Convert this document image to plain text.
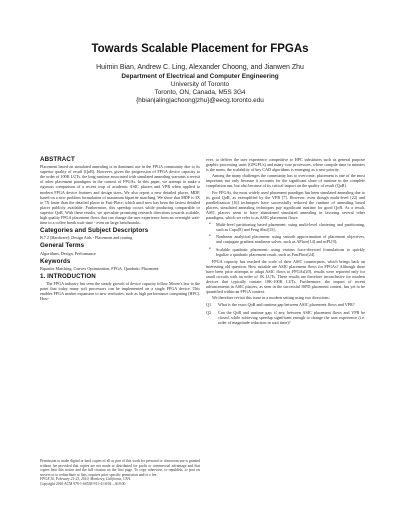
Towards Scalable Placement for FPGAs
Huimin Bian, Andrew C. Ling, Alexander Choong, and Jianwen Zhu
Department of Electrical and Computer Engineering
University of Toronto
Toronto, ON, Canada, M5S 3G4
{hbian|aling|achoong|zhu}@eecg.toronto.edu
ABSTRACT
Placement based on simulated annealing is in dominant use in the FPGA community due to its superior quality of result (QoR). However, given the progression of FPGA device capacity to the order of 100K LUTs, the long runtime associated with simulated annealing warrants a revisit of other placement paradigms in the context of FPGAs. In this paper, we attempt to make a rigorous comparison of a recent crop of academic ASIC placers and VPR when applied to modern FPGA device features and design sizes. We also report a new detailed placer, MDP, based on a new problem formulation of maximum bipartite matching. We show that MDP is 3X to 7X faster than the detailed placer in Fast-Place, which until now has been the fastest detailed placer publicly available. Furthermore, this speedup occurs while producing comparable or superior QoR. With these results, we speculate promising research directions towards scalable, high quality FPGA placement flows that can change the user experience from an overnight wait-time to a coffee break wait-time - even on large benchmarks.
Categories and Subject Descriptors
B.7.2 [Hardware]: Design Aids - Placement and routing
General Terms
Algorithms, Design, Performance
Keywords
Bipartite Matching, Convex Optimization, FPGA, Quadratic Placement
1. INTRODUCTION
The FPGA industry has seen the steady growth of device capacity follow Moore's law to the point that today many soft processors can be implemented on a single FPGA device. This enables FPGA market expansion to new territories, such as high performance computing (HPC). How-
Permission to make digital or hard copies of all or part of this work for personal or classroom use is granted without fee provided that copies are not made or distributed for profit or commercial advantage and that copies bear this notice and the full citation on the first page. To copy otherwise, to republish, to post on servers or to redistribute to lists, requires prior specific permission and/or a fee.
FPGA'10, February 21-23, 2010, Monterey, California, USA.
Copyright 2010 ACM 978-1-60558-911-4/10/02 ...$10.00.
ever, to deliver the user experience competitive to HPC substitutes such as general purpose graphic processing units (GPGPUs) and many-core processors, where compile time in minutes is the norm, the scalability of key CAD algorithms is emerging as a new priority.
Among the many challenges the community has to overcome, placement is one of the most important; not only because it accounts for the significant share of runtime in the complete compilation run, but also because of its critical impact on the quality of result (QoR).
For FPGAs, the most widely used placement paradigm has been simulated annealing due to its good QoR, as exemplified by the VPR [7]. However, even though multi-level [22] and parallelization [16] techniques have successfully reduced the runtime of annealing based placers, simulated annealing techniques pay significant runtime for good QoR. As a result, ASIC placers seem to have abandoned simulated annealing in favoring several other paradigms, which we refer to as ASIC placement flows:
• Multi-level partitioning based placement: using multi-level clustering and partitioning, such as Capo[8] and Feng Shui[15];
• Nonlinear analytical placement: using smooth approximation of placement objectives, and conjugate gradient nonlinear solver, such as APlace[14] and mPL[9];
• Scalable quadratic placement: using various force-directed formulations to quickly legalize a quadratic placement result, such as FastPlace[24].
FPGA capacity has reached the scale of their ASIC counterparts, which brings back an interesting old question: How suitable are ASIC placement flows for FPGAs? Although there have been prior attempts to adapt ASIC flows to FPGAs[20], results were reported only for small circuits with an order of 1K LUTs. These results are therefore inconclusive for modern devices that typically contain 10K-100K LUTs. Furthermore, the impact of recent advancements in ASIC placers, as seen in the successful ISPD placement contest, has yet to be quantified within an FPGA context.
We therefore revisit this issue in a modern setting using two directions:
Q1 What is the exact QoR and runtime gap between ASIC placement flows and VPR?
Q2 Can the QoR and runtime gap, if any, between ASIC placement flows and VPR be closed, while achieving speedup significant enough to change the user experience (i.e. order of magnitude reduction in wait time)?
